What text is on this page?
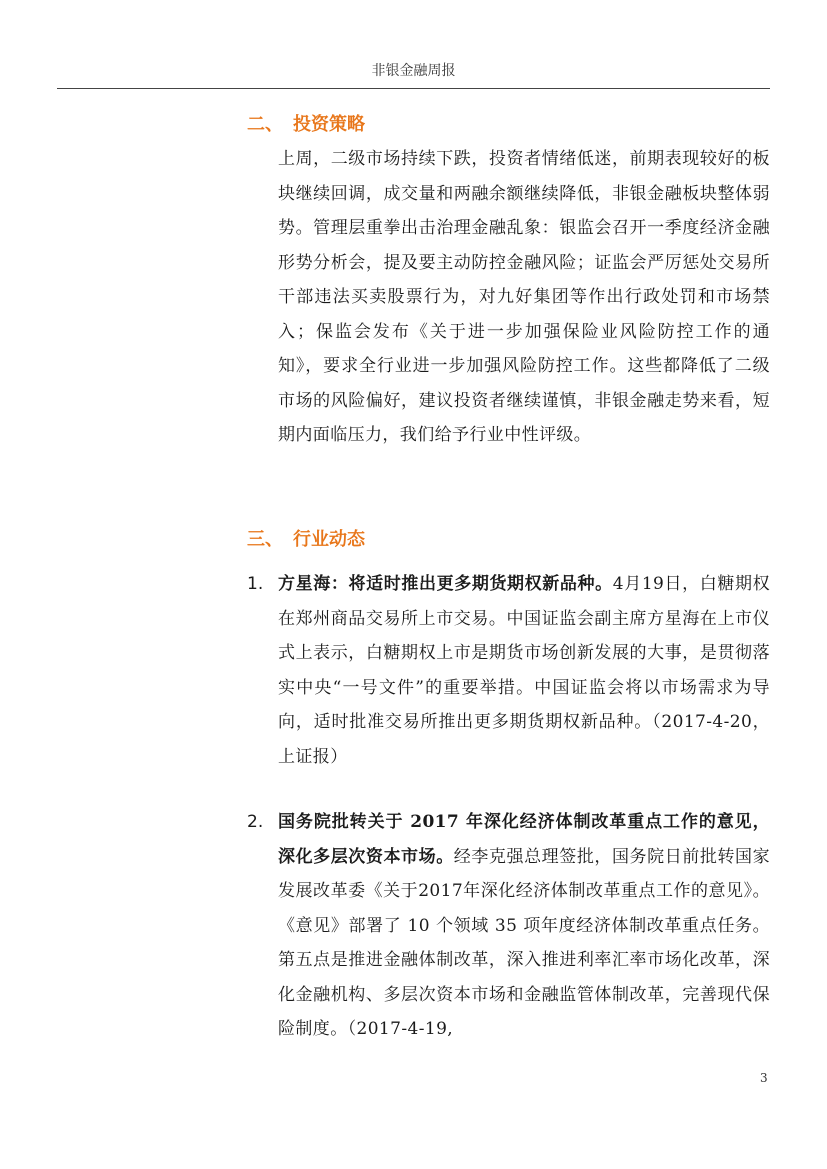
非银金融周报
二、 投资策略

上周，二级市场持续下跌，投资者情绪低迷，前期表现较好的板块继续回调，成交量和两融余额继续降低，非银金融板块整体弱势。管理层重拳出击治理金融乱象：银监会召开一季度经济金融形势分析会，提及要主动防控金融风险；证监会严厉惩处交易所干部违法买卖股票行为，对九好集团等作出行政处罚和市场禁入；保监会发布《关于进一步加强保险业风险防控工作的通知》，要求全行业进一步加强风险防控工作。这些都降低了二级市场的风险偏好，建议投资者继续谨慎，非银金融走势来看，短期内面临压力，我们给予行业中性评级。

三、 行业动态
1. 方星海：将适时推出更多期货期权新品种。4月19日，白糖期权在郑州商品交易所上市交易。中国证监会副主席方星海在上市仪式上表示，白糖期权上市是期货市场创新发展的大事，是贯彻落实中央“一号文件”的重要举措。中国证监会将以市场需求为导向，适时批准交易所推出更多期货期权新品种。（2017-4-20，上证报）

2. 国务院批转关于 2017 年深化经济体制改革重点工作的意见，深化多层次资本市场。经李克强总理签批，国务院日前批转国家发展改革委《关于2017年深化经济体制改革重点工作的意见》。《意见》部署了 10 个领域 35 项年度经济体制改革重点任务。第五点是推进金融体制改革，深入推进利率汇率市场化改革，深化金融机构、多层次资本市场和金融监管体制改革，完善现代保险制度。（2017-4-19,

3
